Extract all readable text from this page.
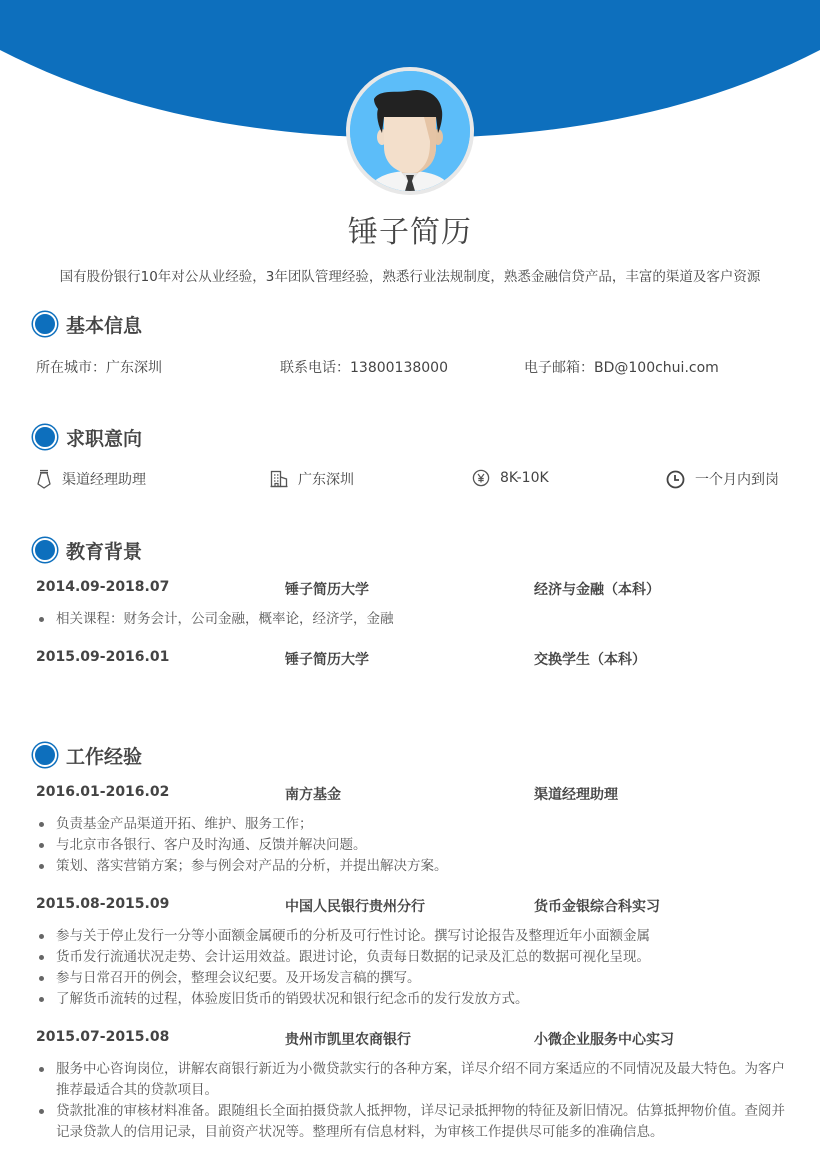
锤子简历
国有股份银行10年对公从业经验，3年团队管理经验，熟悉行业法规制度，熟悉金融信贷产品，丰富的渠道及客户资源
基本信息
所在城市：广东深圳	联系电话：13800138000	电子邮箱：BD@100chui.com
求职意向
渠道经理助理	广东深圳	8K-10K	一个月内到岗
教育背景
2014.09-2018.07	锤子简历大学	经济与金融（本科）
相关课程：财务会计，公司金融，概率论，经济学，金融
2015.09-2016.01	锤子简历大学	交换学生（本科）
工作经验
2016.01-2016.02	南方基金	渠道经理助理
负责基金产品渠道开拓、维护、服务工作；
与北京市各银行、客户及时沟通、反馈并解决问题。
策划、落实营销方案；参与例会对产品的分析，并提出解决方案。
2015.08-2015.09	中国人民银行贵州分行	货币金银综合科实习
参与关于停止发行一分等小面额金属硬币的分析及可行性讨论。撰写讨论报告及整理近年小面额金属
货币发行流通状况走势、会计运用效益。跟进讨论，负责每日数据的记录及汇总的数据可视化呈现。
参与日常召开的例会，整理会议纪要。及开场发言稿的撰写。
了解货币流转的过程，体验废旧货币的销毁状况和银行纪念币的发行发放方式。
2015.07-2015.08	贵州市凯里农商银行	小微企业服务中心实习
服务中心咨询岗位，讲解农商银行新近为小微贷款实行的各种方案，详尽介绍不同方案适应的不同情况及最大特色。为客户推荐最适合其的贷款项目。
贷款批准的审核材料准备。跟随组长全面拍摄贷款人抵押物，详尽记录抵押物的特征及新旧情况。估算抵押物价值。查阅并记录贷款人的信用记录，目前资产状况等。整理所有信息材料，为审核工作提供尽可能多的准确信息。
